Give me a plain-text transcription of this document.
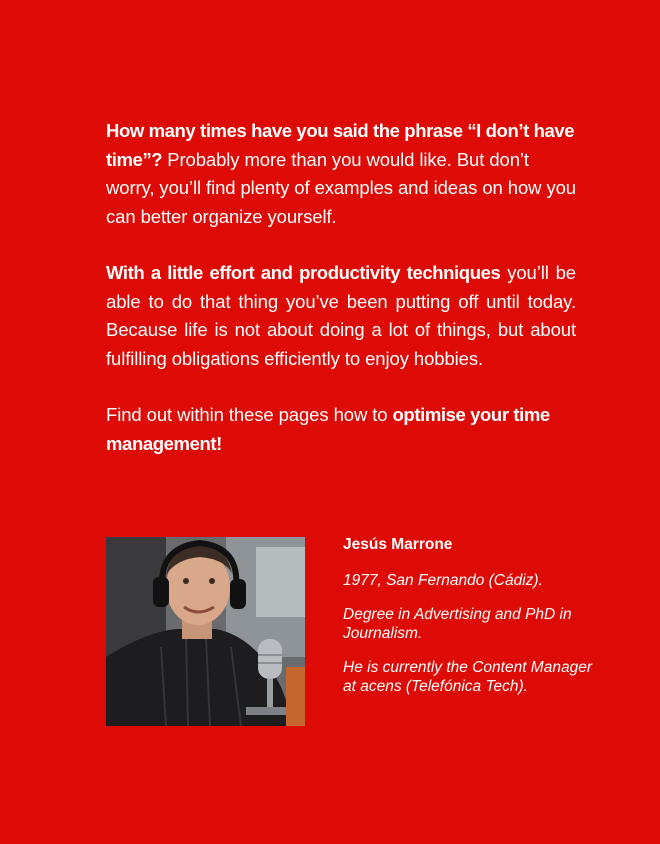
How many times have you said the phrase “I don’t have time”? Probably more than you would like. But don’t worry, you’ll find plenty of examples and ideas on how you can better organize yourself.

With a little effort and productivity techniques you’ll be able to do that thing you’ve been putting off until today. Because life is not about doing a lot of things, but about fulfilling obligations efficiently to enjoy hobbies.

Find out within these pages how to optimise your time management!

Jesús Marrone

1977, San Fernando (Cádiz).

Degree in Advertising and PhD in Journalism.

He is currently the Content Manager at acens (Telefónica Tech).
